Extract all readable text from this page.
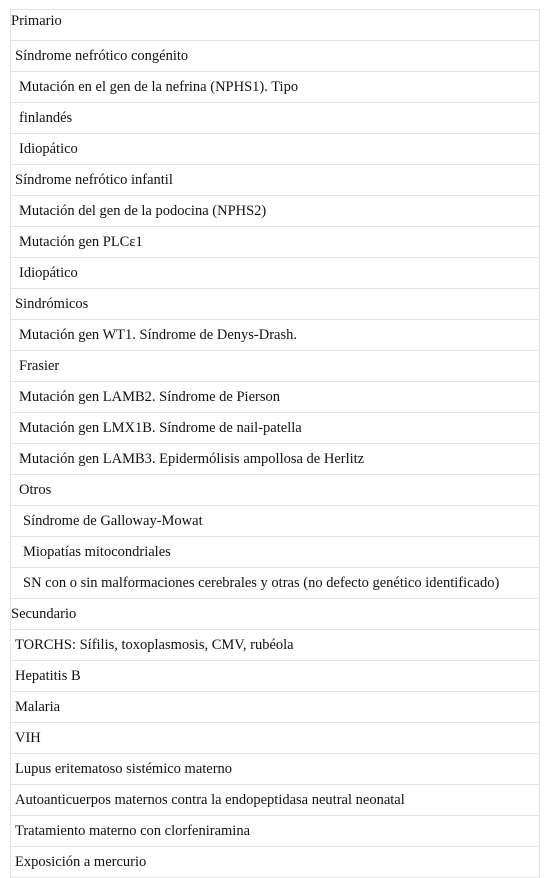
Primario
Síndrome nefrótico congénito
Mutación en el gen de la nefrina (NPHS1). Tipo
finlandés
Idiopático
Síndrome nefrótico infantil
Mutación del gen de la podocina (NPHS2)
Mutación gen PLCε1
Idiopático
Sindrómicos
Mutación gen WT1. Síndrome de Denys-Drash.
Frasier
Mutación gen LAMB2. Síndrome de Pierson
Mutación gen LMX1B. Síndrome de nail-patella
Mutación gen LAMB3. Epidermólisis ampollosa de Herlitz
Otros
Síndrome de Galloway-Mowat
Miopatías mitocondriales
SN con o sin malformaciones cerebrales y otras (no defecto genético identificado)
Secundario
TORCHS: Sífilis, toxoplasmosis, CMV, rubéola
Hepatitis B
Malaria
VIH
Lupus eritematoso sistémico materno
Autoanticuerpos maternos contra la endopeptidasa neutral neonatal
Tratamiento materno con clorfeniramina
Exposición a mercurio
